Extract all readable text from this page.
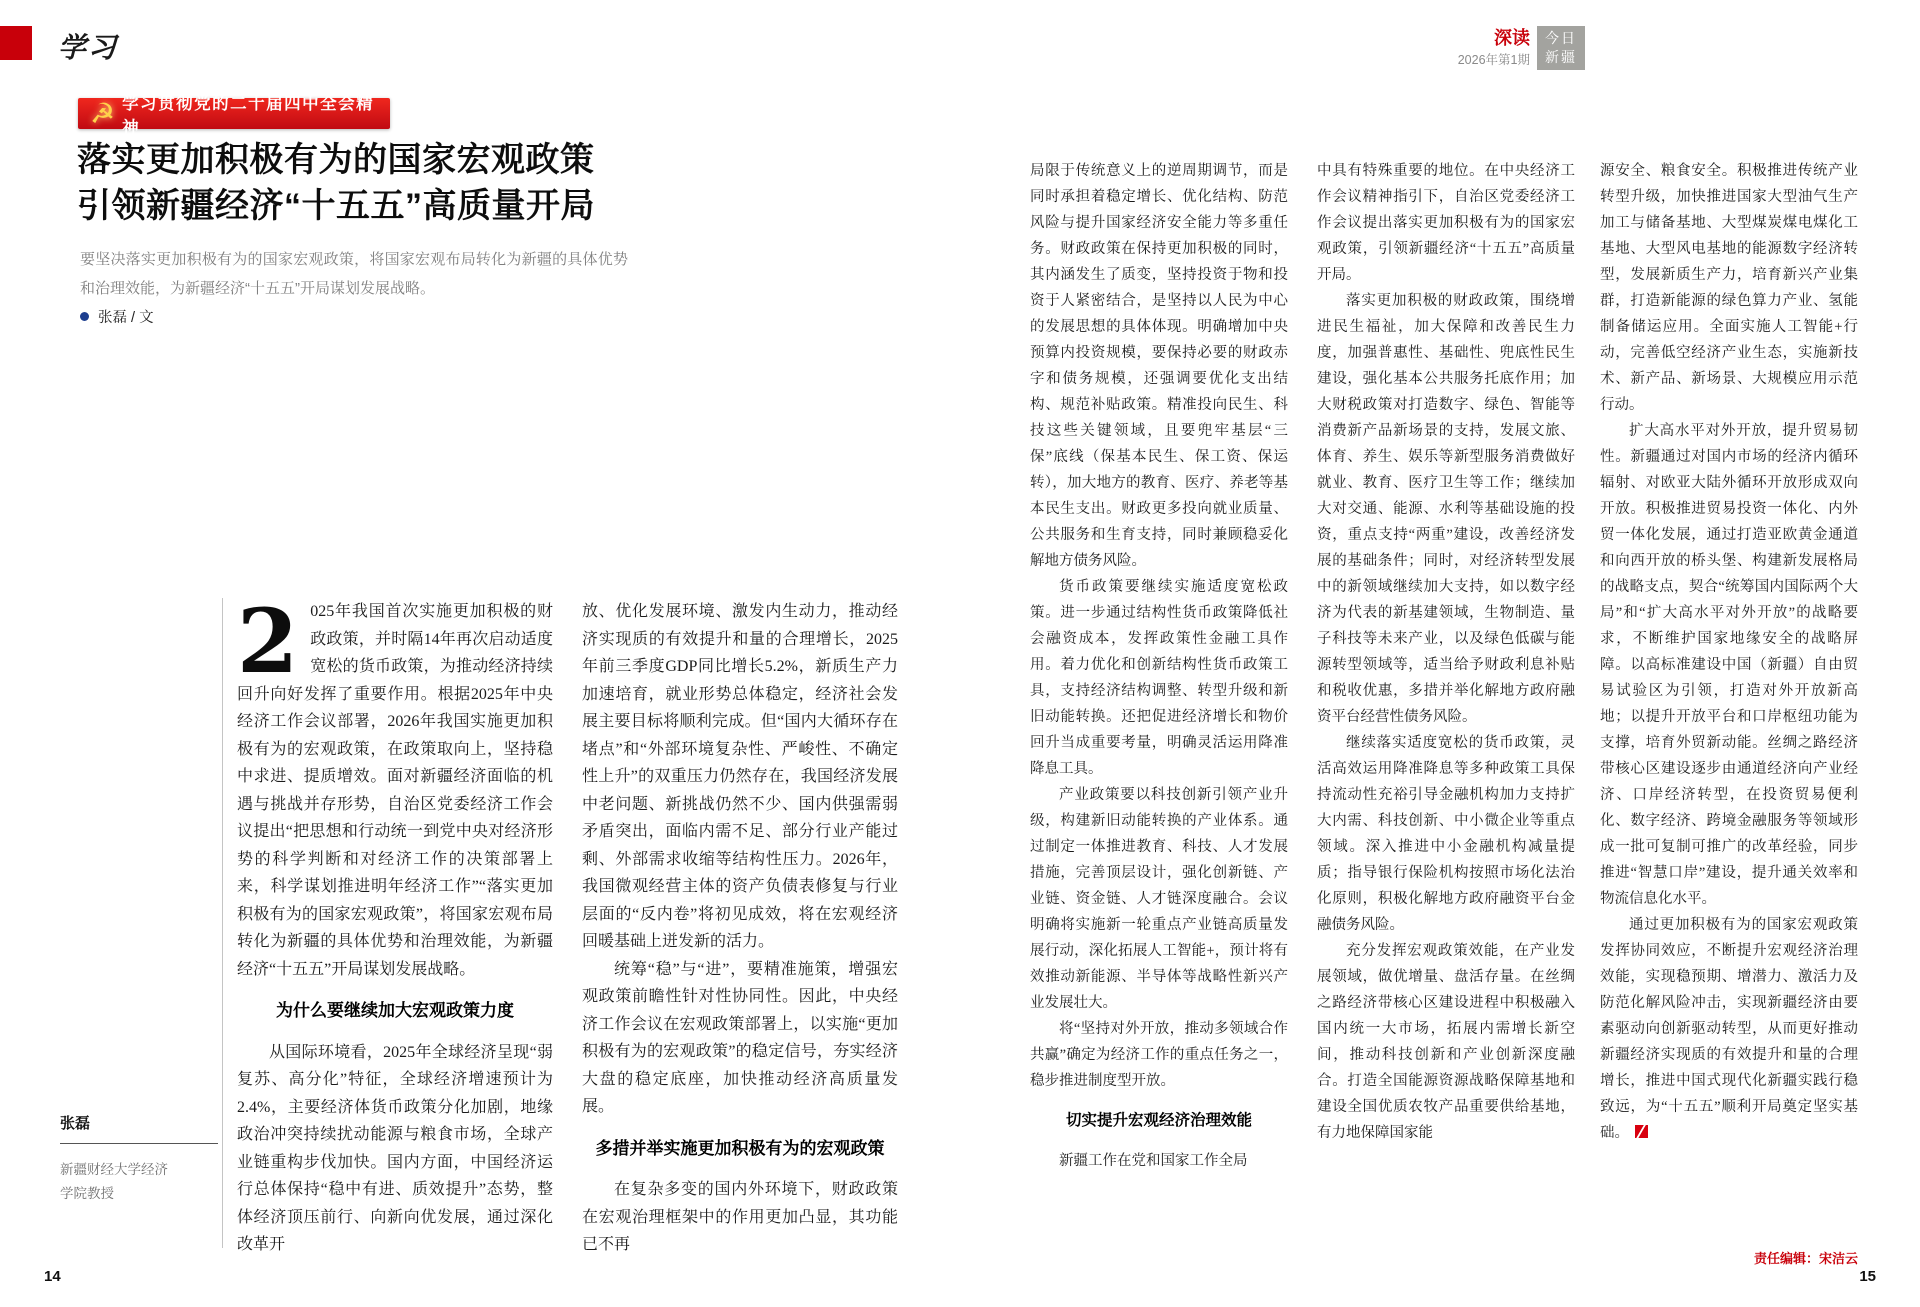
学习
☭ 学习贯彻党的二十届四中全会精神
落实更加积极有为的国家宏观政策
引领新疆经济“十五五”高质量开局

要坚决落实更加积极有为的国家宏观政策，将国家宏观布局转化为新疆的具体优势和治理效能，为新疆经济“十五五”开局谋划发展战略。

张磊 / 文

深读

2026年第1期

今日新疆

2 025年我国首次实施更加积极的财政政策，并时隔14年再次启动适度宽松的货币政策，为推动经济持续回升向好发挥了重要作用。根据2025年中央经济工作会议部署，2026年我国实施更加积极有为的宏观政策，在政策取向上，坚持稳中求进、提质增效。面对新疆经济面临的机遇与挑战并存形势，自治区党委经济工作会议提出“把思想和行动统一到党中央对经济形势的科学判断和对经济工作的决策部署上来，科学谋划推进明年经济工作”“落实更加积极有为的国家宏观政策”，将国家宏观布局转化为新疆的具体优势和治理效能，为新疆经济“十五五”开局谋划发展战略。

为什么要继续加大宏观政策力度

从国际环境看，2025年全球经济呈现“弱复苏、高分化”特征，全球经济增速预计为2.4%，主要经济体货币政策分化加剧，地缘政治冲突持续扰动能源与粮食市场，全球产业链重构步伐加快。国内方面，中国经济运行总体保持“稳中有进、质效提升”态势，整体经济顶压前行、向新向优发展，通过深化改革开

放、优化发展环境、激发内生动力，推动经济实现质的有效提升和量的合理增长，2025年前三季度GDP同比增长5.2%，新质生产力加速培育，就业形势总体稳定，经济社会发展主要目标将顺利完成。但“国内大循环存在堵点”和“外部环境复杂性、严峻性、不确定性上升”的双重压力仍然存在，我国经济发展中老问题、新挑战仍然不少、国内供强需弱矛盾突出，面临内需不足、部分行业产能过剩、外部需求收缩等结构性压力。2026年，我国微观经营主体的资产负债表修复与行业层面的“反内卷”将初见成效，将在宏观经济回暖基础上迸发新的活力。

统筹“稳”与“进”，要精准施策，增强宏观政策前瞻性针对性协同性。因此，中央经济工作会议在宏观政策部署上，以实施“更加积极有为的宏观政策”的稳定信号，夯实经济大盘的稳定底座，加快推动经济高质量发展。

多措并举实施更加积极有为的宏观政策

在复杂多变的国内外环境下，财政政策在宏观治理框架中的作用更加凸显，其功能已不再

局限于传统意义上的逆周期调节，而是同时承担着稳定增长、优化结构、防范风险与提升国家经济安全能力等多重任务。财政政策在保持更加积极的同时，其内涵发生了质变，坚持投资于物和投资于人紧密结合，是坚持以人民为中心的发展思想的具体体现。明确增加中央预算内投资规模，要保持必要的财政赤字和债务规模，还强调要优化支出结构、规范补贴政策。精准投向民生、科技这些关键领域，且要兜牢基层“三保”底线（保基本民生、保工资、保运转），加大地方的教育、医疗、养老等基本民生支出。财政更多投向就业质量、公共服务和生育支持，同时兼顾稳妥化解地方债务风险。

货币政策要继续实施适度宽松政策。进一步通过结构性货币政策降低社会融资成本，发挥政策性金融工具作用。着力优化和创新结构性货币政策工具，支持经济结构调整、转型升级和新旧动能转换。还把促进经济增长和物价回升当成重要考量，明确灵活运用降准降息工具。

产业政策要以科技创新引领产业升级，构建新旧动能转换的产业体系。通过制定一体推进教育、科技、人才发展措施，完善顶层设计，强化创新链、产业链、资金链、人才链深度融合。会议明确将实施新一轮重点产业链高质量发展行动，深化拓展人工智能+，预计将有效推动新能源、半导体等战略性新兴产业发展壮大。

将“坚持对外开放，推动多领域合作共赢”确定为经济工作的重点任务之一，稳步推进制度型开放。

切实提升宏观经济治理效能

新疆工作在党和国家工作全局

中具有特殊重要的地位。在中央经济工作会议精神指引下，自治区党委经济工作会议提出落实更加积极有为的国家宏观政策，引领新疆经济“十五五”高质量开局。

落实更加积极的财政政策，围绕增进民生福祉，加大保障和改善民生力度，加强普惠性、基础性、兜底性民生建设，强化基本公共服务托底作用；加大财税政策对打造数字、绿色、智能等消费新产品新场景的支持，发展文旅、体育、养生、娱乐等新型服务消费做好就业、教育、医疗卫生等工作；继续加大对交通、能源、水利等基础设施的投资，重点支持“两重”建设，改善经济发展的基础条件；同时，对经济转型发展中的新领域继续加大支持，如以数字经济为代表的新基建领域，生物制造、量子科技等未来产业，以及绿色低碳与能源转型领域等，适当给予财政利息补贴和税收优惠，多措并举化解地方政府融资平台经营性债务风险。

继续落实适度宽松的货币政策，灵活高效运用降准降息等多种政策工具保持流动性充裕引导金融机构加力支持扩大内需、科技创新、中小微企业等重点领域。深入推进中小金融机构减量提质；指导银行保险机构按照市场化法治化原则，积极化解地方政府融资平台金融债务风险。

充分发挥宏观政策效能，在产业发展领域，做优增量、盘活存量。在丝绸之路经济带核心区建设进程中积极融入国内统一大市场，拓展内需增长新空间，推动科技创新和产业创新深度融合。打造全国能源资源战略保障基地和建设全国优质农牧产品重要供给基地，有力地保障国家能

源安全、粮食安全。积极推进传统产业转型升级，加快推进国家大型油气生产加工与储备基地、大型煤炭煤电煤化工基地、大型风电基地的能源数字经济转型，发展新质生产力，培育新兴产业集群，打造新能源的绿色算力产业、氢能制备储运应用。全面实施人工智能+行动，完善低空经济产业生态，实施新技术、新产品、新场景、大规模应用示范行动。

扩大高水平对外开放，提升贸易韧性。新疆通过对国内市场的经济内循环辐射、对欧亚大陆外循环开放形成双向开放。积极推进贸易投资一体化、内外贸一体化发展，通过打造亚欧黄金通道和向西开放的桥头堡、构建新发展格局的战略支点，契合“统筹国内国际两个大局”和“扩大高水平对外开放”的战略要求，不断维护国家地缘安全的战略屏障。以高标准建设中国（新疆）自由贸易试验区为引领，打造对外开放新高地；以提升开放平台和口岸枢纽功能为支撑，培育外贸新动能。丝绸之路经济带核心区建设逐步由通道经济向产业经济、口岸经济转型，在投资贸易便利化、数字经济、跨境金融服务等领域形成一批可复制可推广的改革经验，同步推进“智慧口岸”建设，提升通关效率和物流信息化水平。

通过更加积极有为的国家宏观政策发挥协同效应，不断提升宏观经济治理效能，实现稳预期、增潜力、激活力及防范化解风险冲击，实现新疆经济由要素驱动向创新驱动转型，从而更好推动新疆经济实现质的有效提升和量的合理增长，推进中国式现代化新疆实践行稳致远，为“十五五”顺利开局奠定坚实基础。

张磊

新疆财经大学经济学院教授

14	15
责任编辑：宋洁云
